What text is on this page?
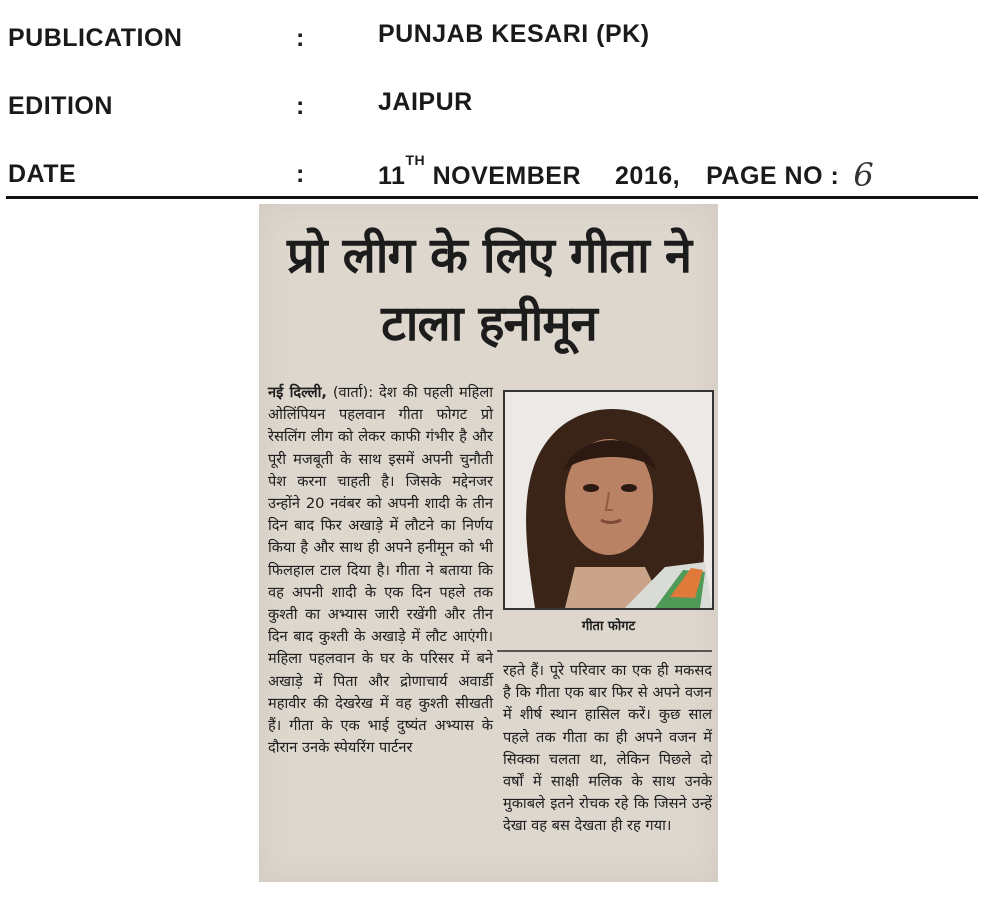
PUBLICATION	:	PUNJAB KESARI (PK)
EDITION	:	JAIPUR
DATE	:	11TH NOVEMBER 2016, PAGE NO : 6
प्रो लीग के लिए गीता ने टाला हनीमून
नई दिल्ली, (वार्ता): देश की पहली महिला ओलिंपियन पहलवान गीता फोगट प्रो रेसलिंग लीग को लेकर काफी गंभीर है और पूरी मजबूती के साथ इसमें अपनी चुनौती पेश करना चाहती है। जिसके मद्देनजर उन्होंने 20 नवंबर को अपनी शादी के तीन दिन बाद फिर अखाड़े में लौटने का निर्णय किया है और साथ ही अपने हनीमून को भी फिलहाल टाल दिया है। गीता ने बताया कि वह अपनी शादी के एक दिन पहले तक कुश्ती का अभ्यास जारी रखेंगी और तीन दिन बाद कुश्ती के अखाड़े में लौट आएंगी। महिला पहलवान के घर के परिसर में बने अखाड़े में पिता और द्रोणाचार्य अवार्डी महावीर की देखरेख में वह कुश्ती सीखती हैं। गीता के एक भाई दुष्यंत अभ्यास के दौरान उनके स्पेयरिंग पार्टनर
गीता फोगट
रहते हैं। पूरे परिवार का एक ही मकसद है कि गीता एक बार फिर से अपने वजन में शीर्ष स्थान हासिल करें। कुछ साल पहले तक गीता का ही अपने वजन में सिक्का चलता था, लेकिन पिछले दो वर्षों में साक्षी मलिक के साथ उनके मुकाबले इतने रोचक रहे कि जिसने उन्हें देखा वह बस देखता ही रह गया।
